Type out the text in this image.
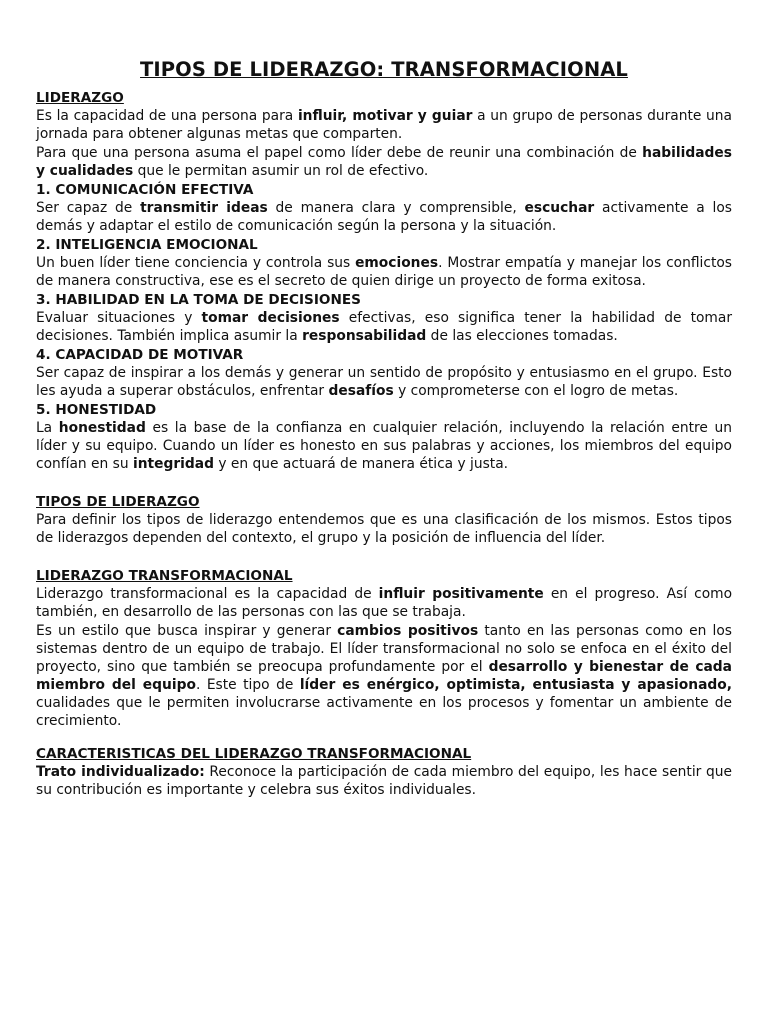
TIPOS DE LIDERAZGO: TRANSFORMACIONAL
LIDERAZGO

Es la capacidad de una persona para influir, motivar y guiar a un grupo de personas durante una jornada para obtener algunas metas que comparten.

Para que una persona asuma el papel como líder debe de reunir una combinación de habilidades y cualidades que le permitan asumir un rol de efectivo.

1. COMUNICACIÓN EFECTIVA

Ser capaz de transmitir ideas de manera clara y comprensible, escuchar activamente a los demás y adaptar el estilo de comunicación según la persona y la situación.

2. INTELIGENCIA EMOCIONAL

Un buen líder tiene conciencia y controla sus emociones. Mostrar empatía y manejar los conflictos de manera constructiva, ese es el secreto de quien dirige un proyecto de forma exitosa.

3. HABILIDAD EN LA TOMA DE DECISIONES

Evaluar situaciones y tomar decisiones efectivas, eso significa tener la habilidad de tomar decisiones. También implica asumir la responsabilidad de las elecciones tomadas.

4. CAPACIDAD DE MOTIVAR

Ser capaz de inspirar a los demás y generar un sentido de propósito y entusiasmo en el grupo. Esto les ayuda a superar obstáculos, enfrentar desafíos y comprometerse con el logro de metas.

5. HONESTIDAD

La honestidad es la base de la confianza en cualquier relación, incluyendo la relación entre un líder y su equipo. Cuando un líder es honesto en sus palabras y acciones, los miembros del equipo confían en su integridad y en que actuará de manera ética y justa.

TIPOS DE LIDERAZGO

Para definir los tipos de liderazgo entendemos que es una clasificación de los mismos. Estos tipos de liderazgos dependen del contexto, el grupo y la posición de influencia del líder.

LIDERAZGO TRANSFORMACIONAL

Liderazgo transformacional es la capacidad de influir positivamente en el progreso. Así como también, en desarrollo de las personas con las que se trabaja.

Es un estilo que busca inspirar y generar cambios positivos tanto en las personas como en los sistemas dentro de un equipo de trabajo. El líder transformacional no solo se enfoca en el éxito del proyecto, sino que también se preocupa profundamente por el desarrollo y bienestar de cada miembro del equipo. Este tipo de líder es enérgico, optimista, entusiasta y apasionado, cualidades que le permiten involucrarse activamente en los procesos y fomentar un ambiente de crecimiento.

CARACTERISTICAS DEL LIDERAZGO TRANSFORMACIONAL

Trato individualizado: Reconoce la participación de cada miembro del equipo, les hace sentir que su contribución es importante y celebra sus éxitos individuales.
